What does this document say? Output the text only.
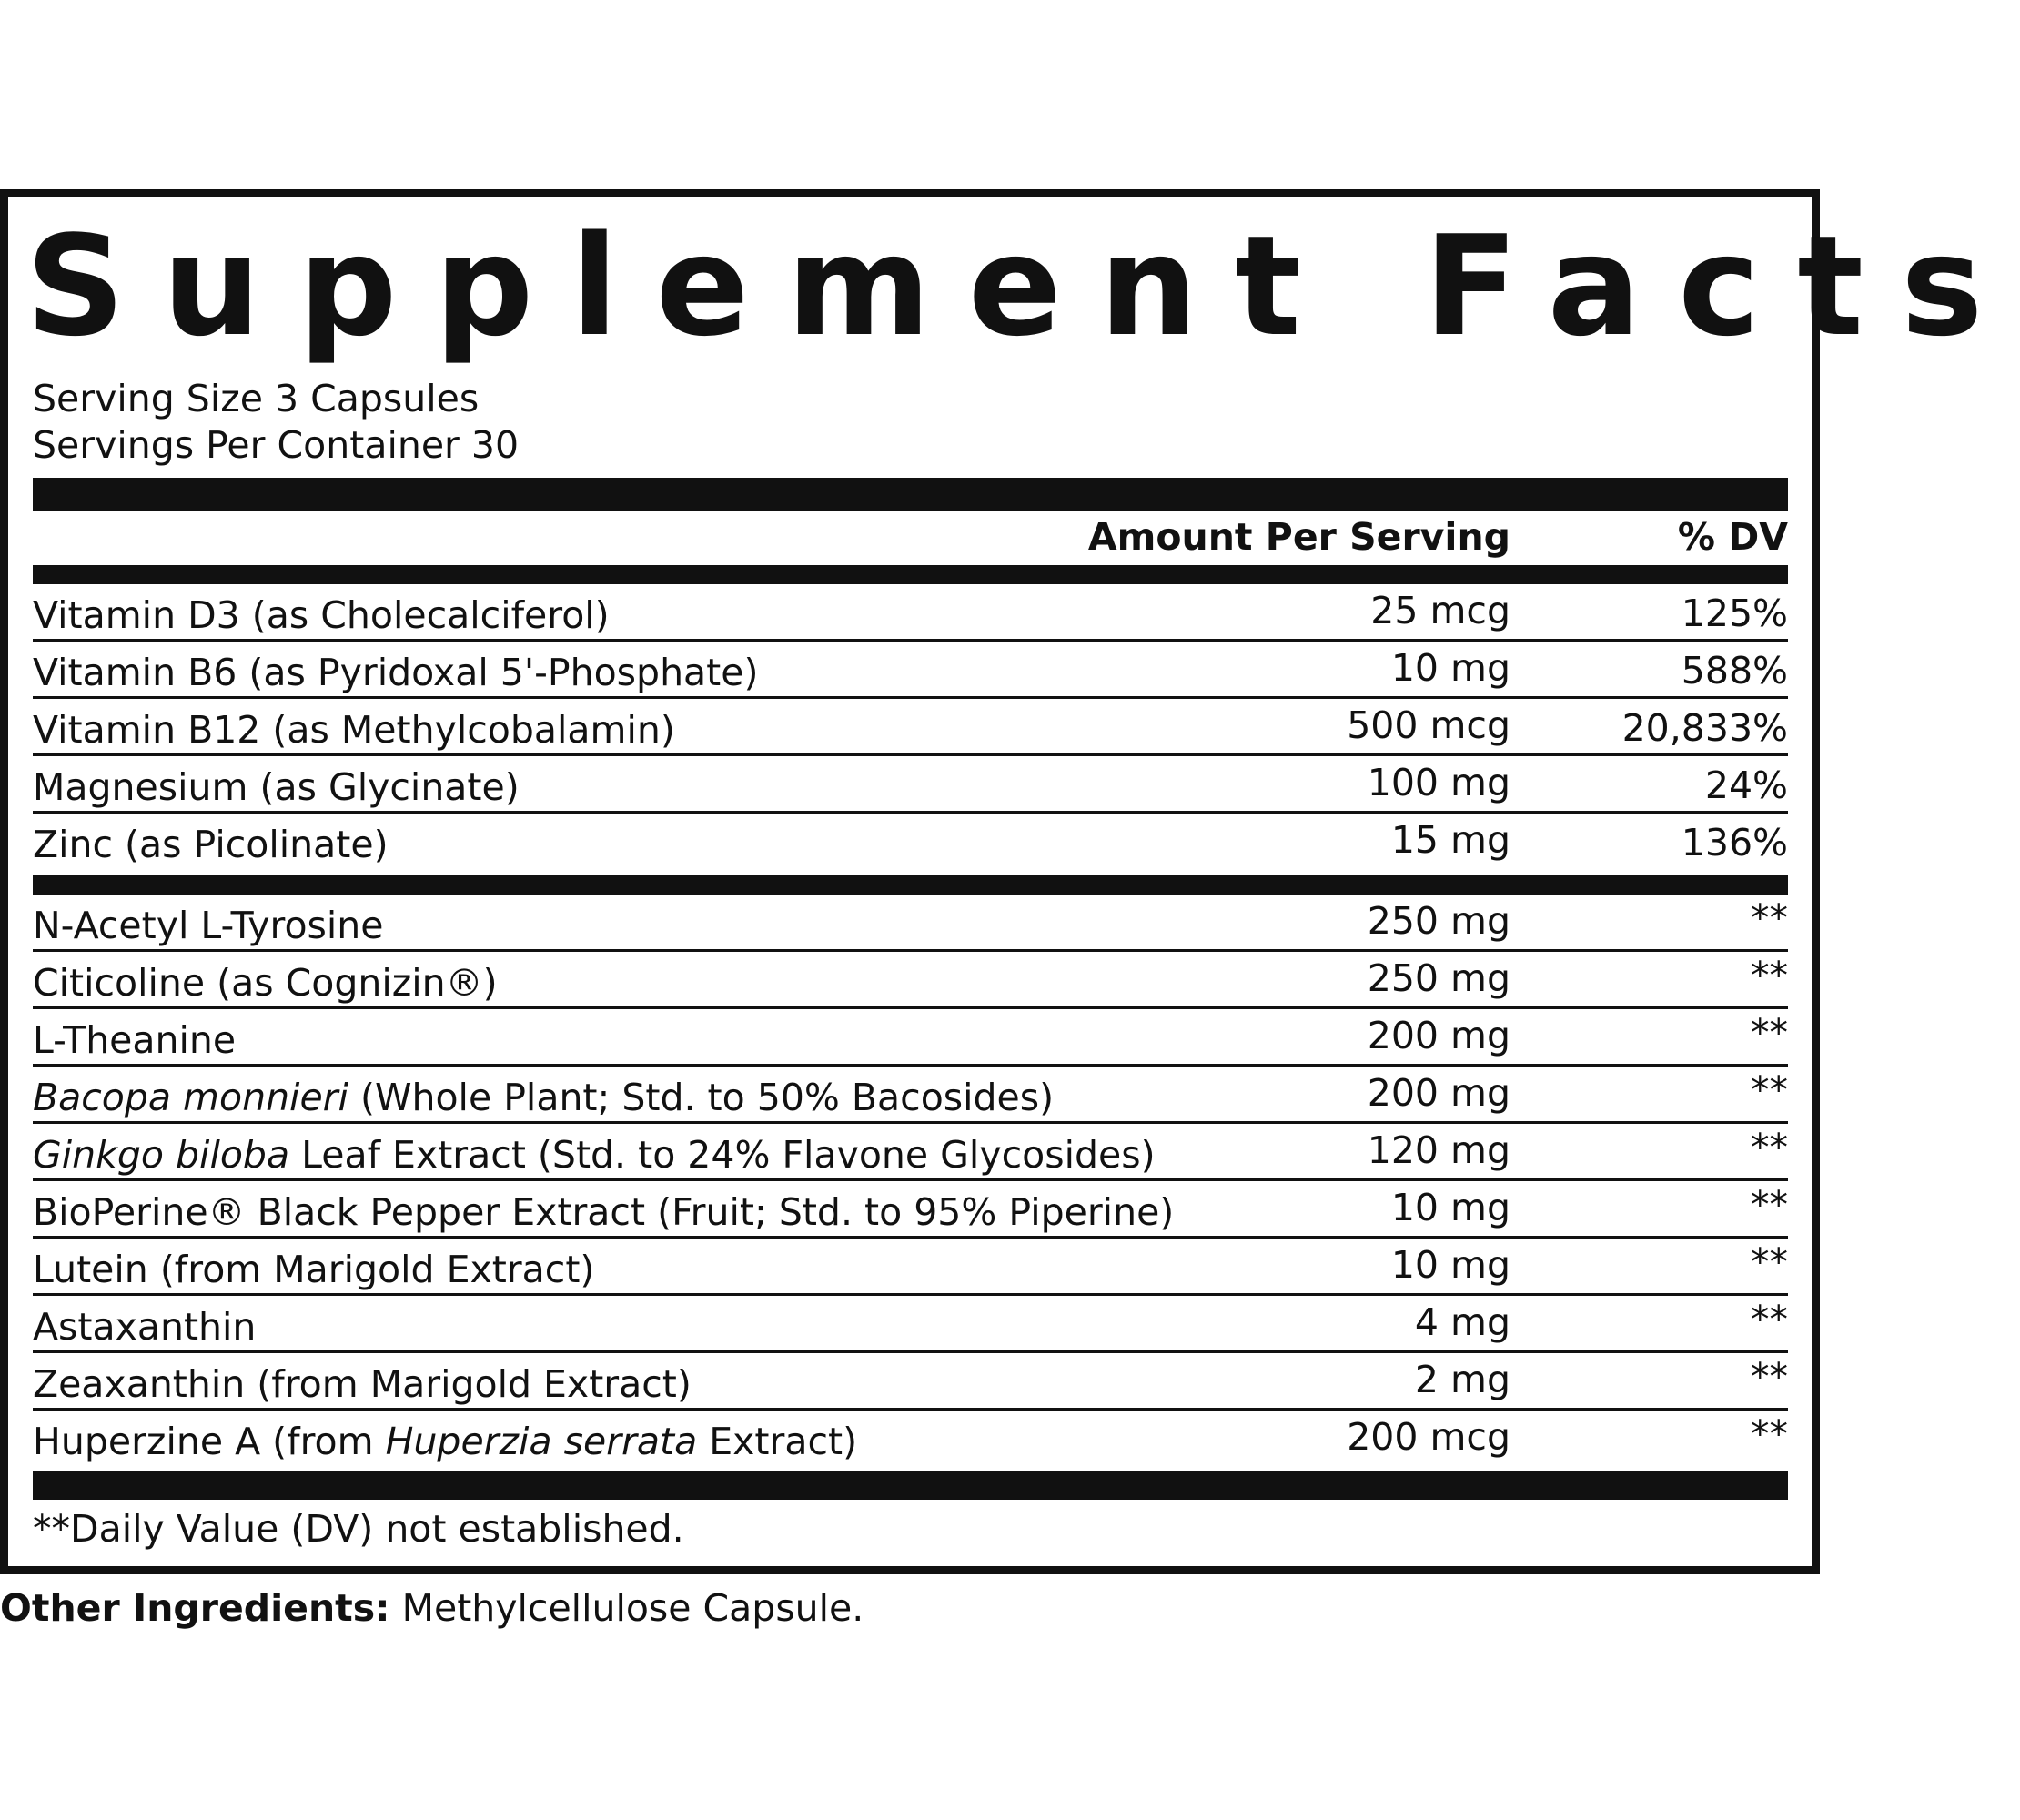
Supplement Facts
Serving Size 3 Capsules
Servings Per Container 30
Amount Per Serving	% DV
Vitamin D3 (as Cholecalciferol)	25 mcg	125%
Vitamin B6 (as Pyridoxal 5'-Phosphate)	10 mg	588%
Vitamin B12 (as Methylcobalamin)	500 mcg	20,833%
Magnesium (as Glycinate)	100 mg	24%
Zinc (as Picolinate)	15 mg	136%
N-Acetyl L-Tyrosine	250 mg	**
Citicoline (as Cognizin®)	250 mg	**
L-Theanine	200 mg	**
Bacopa monnieri (Whole Plant; Std. to 50% Bacosides)	200 mg	**
Ginkgo biloba Leaf Extract (Std. to 24% Flavone Glycosides)	120 mg	**
BioPerine® Black Pepper Extract (Fruit; Std. to 95% Piperine)	10 mg	**
Lutein (from Marigold Extract)	10 mg	**
Astaxanthin	4 mg	**
Zeaxanthin (from Marigold Extract)	2 mg	**
Huperzine A (from Huperzia serrata Extract)	200 mcg	**
**Daily Value (DV) not established.
Other Ingredients: Methylcellulose Capsule.
